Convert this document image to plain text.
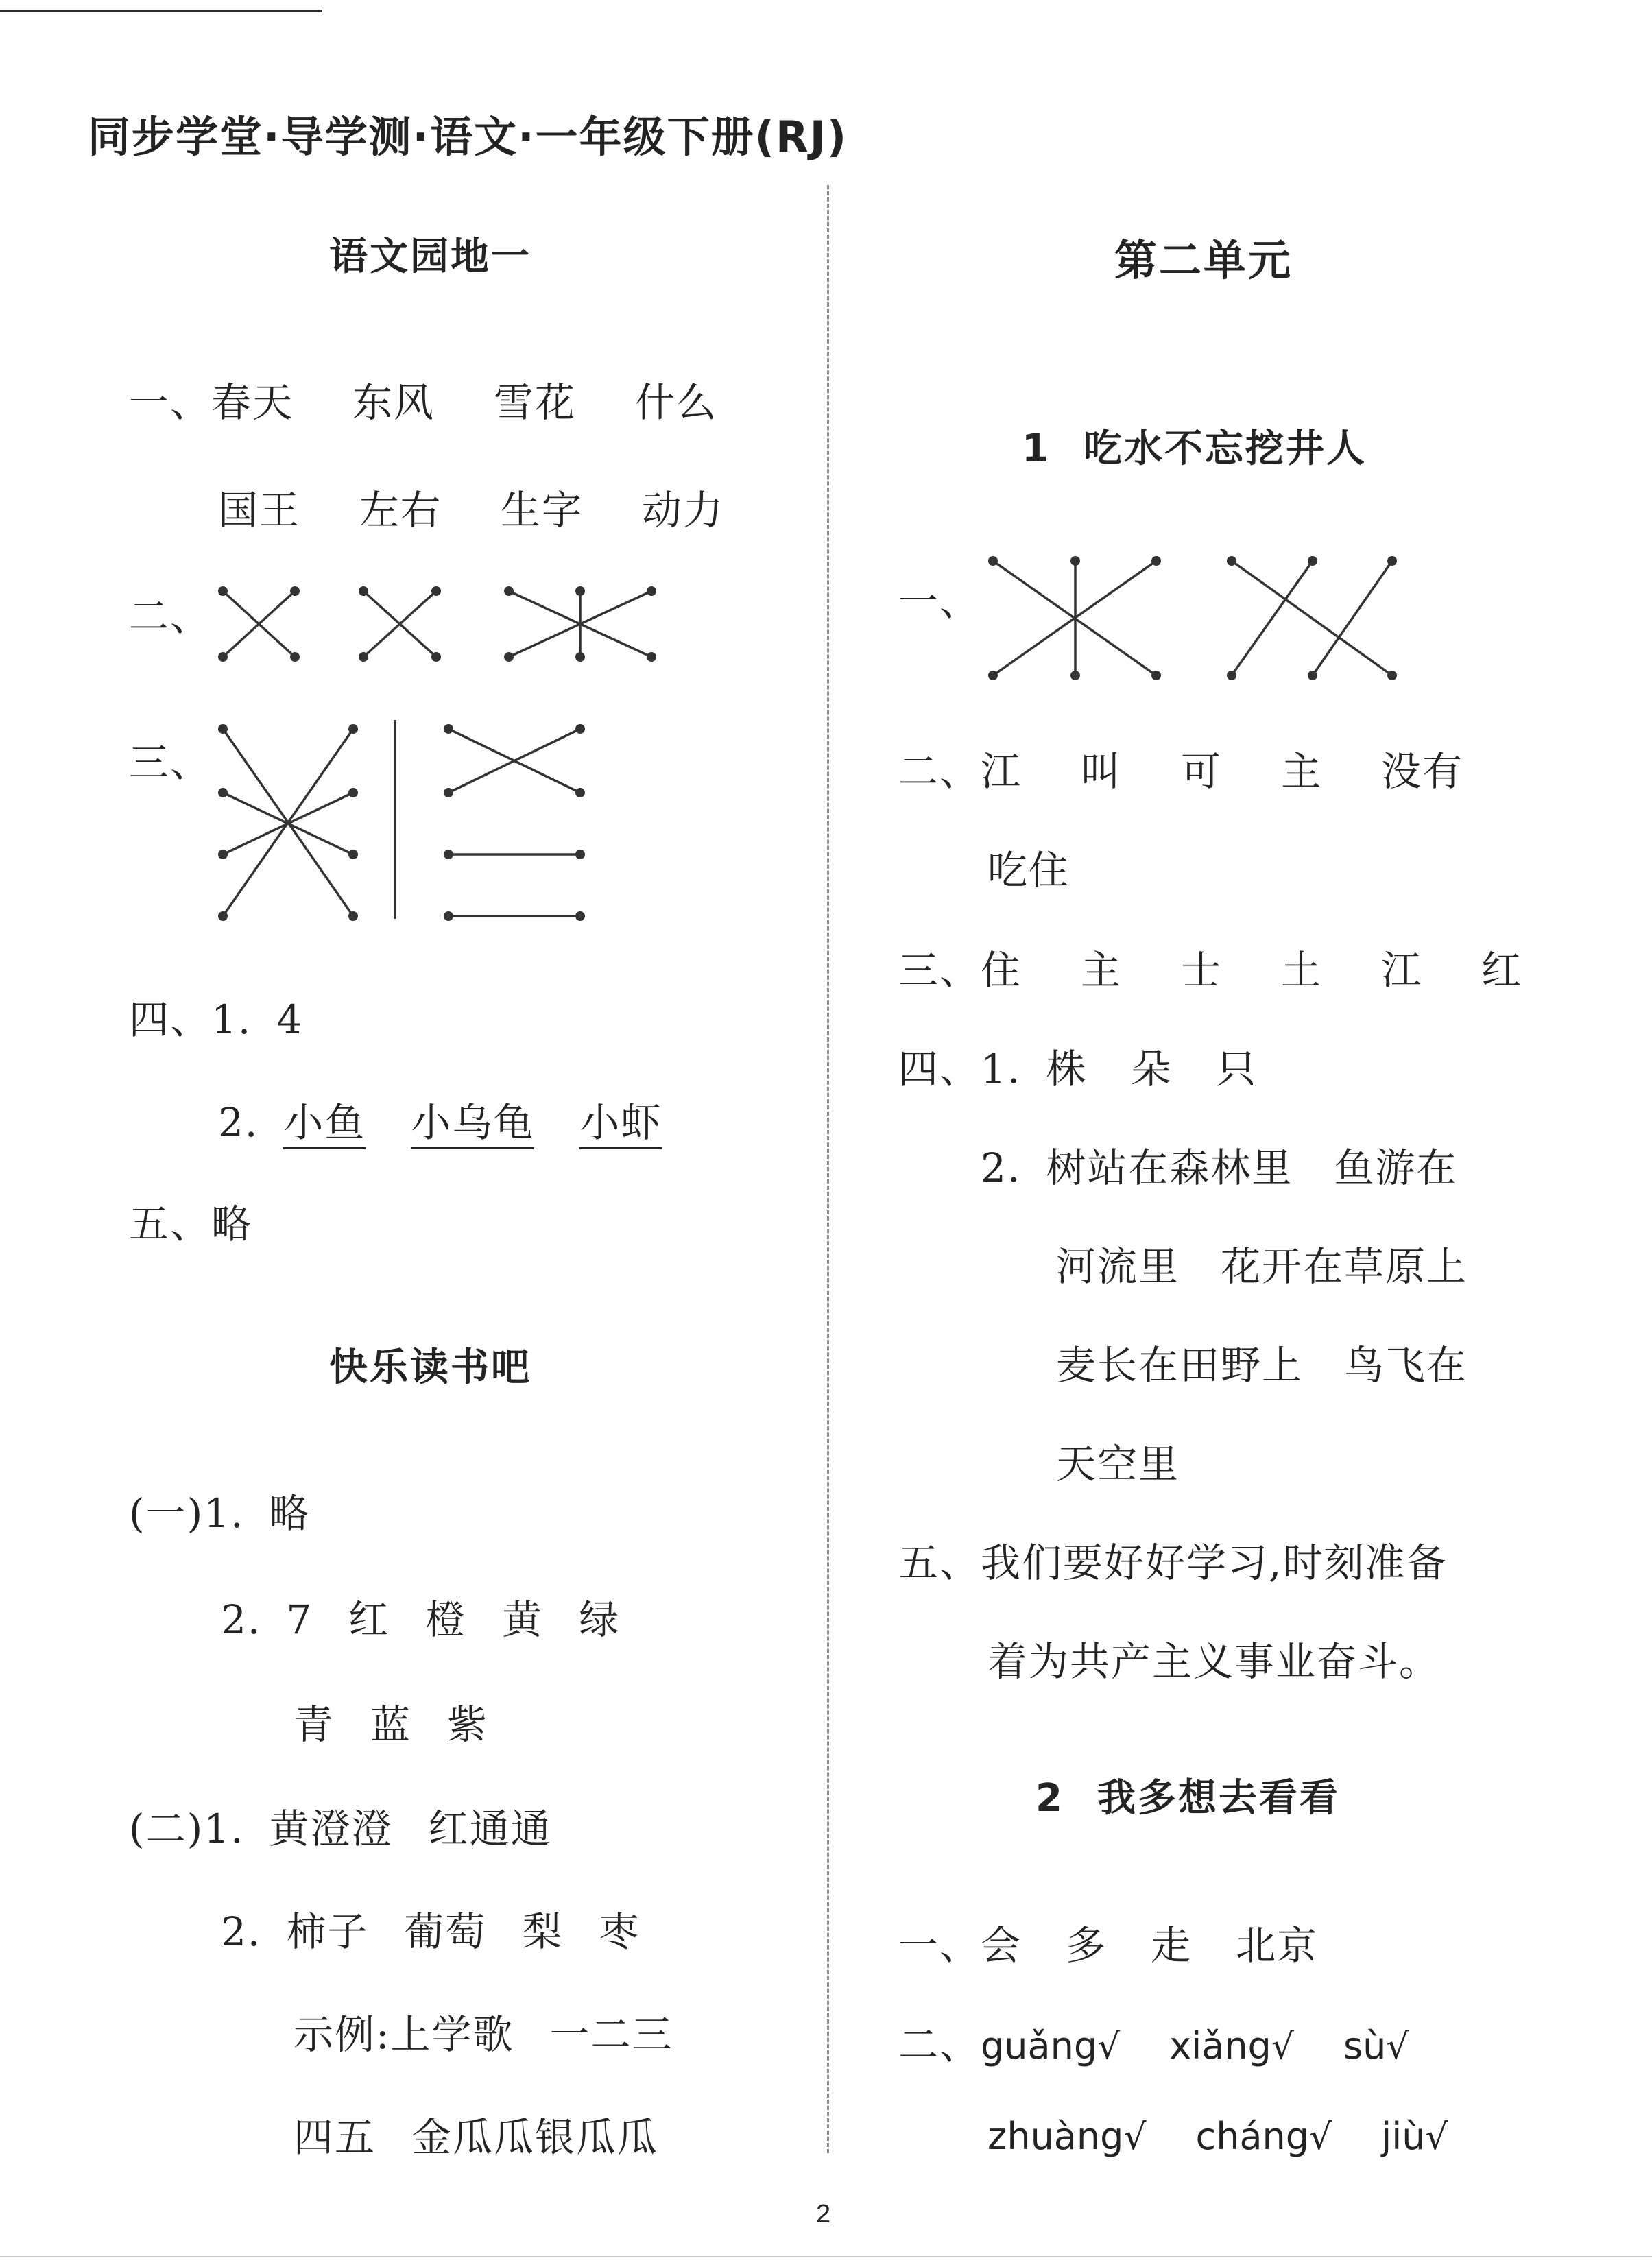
同步学堂·导学测·语文·一年级下册(RJ)
语文园地一
一、春天 东风 雪花 什么
国王 左右 生字 动力
二、
三、
四、1. 4
2. 小鱼 小乌龟 小虾
五、略
快乐读书吧
(一)1. 略
2. 7 红 橙 黄 绿
青 蓝 紫
(二)1. 黄澄澄 红通通
2. 柿子 葡萄 梨 枣
示例:上学歌 一二三
四五 金瓜瓜银瓜瓜
第二单元
1 吃水不忘挖井人
一、
二、江 叫 可 主 没有
吃住
三、住 主 士 土 江 红
四、1. 株 朵 只
2. 树站在森林里　鱼游在
河流里　花开在草原上
麦长在田野上　鸟飞在
天空里
五、我们要好好学习,时刻准备
着为共产主义事业奋斗。
2 我多想去看看
一、会 多 走 北京
二、guǎng√ xiǎng√ sù√
zhuàng√ cháng√ jiù√
2
